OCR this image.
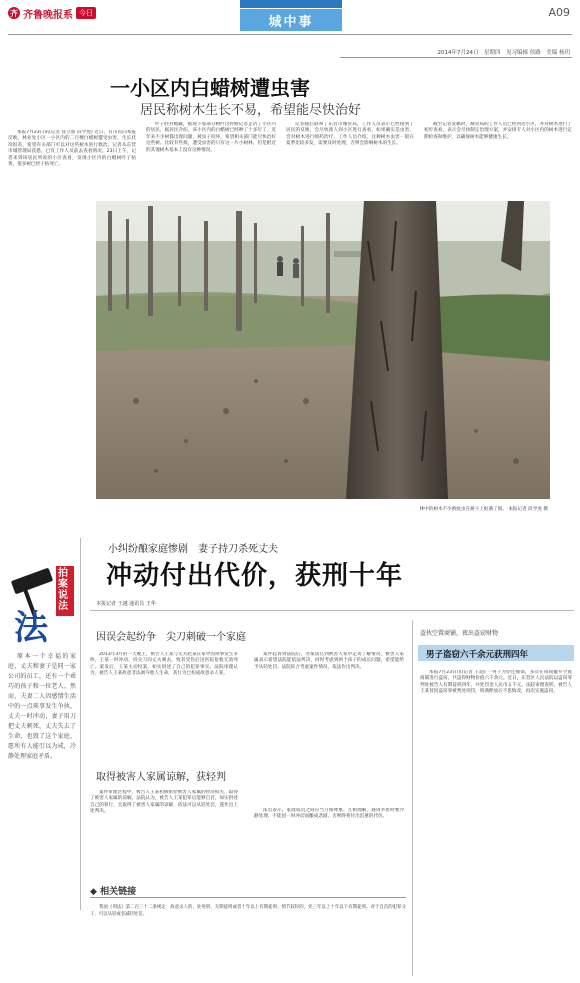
齐 齐鲁晚报系 今日
城中事
A09
2014年7月24日　星期四　见习编辑 侯路　美编 杨玥
一小区内白蜡树遭虫害
居民称树木生长不易，希望能尽快治好

本报7月23日讯(记者 崔立朋 段学虎) 近日，有市民向本报反映，林业处小区一小区内的二百棵白蜡树遭受虫害，生长状况很差，希望有关部门可以对这些树木进行救治。记者从东营市城管理局获悉，已有工作人员前去查看情况。23日上午，记者来到该居民所说的小区查看，发现小区内的白蜡树叶子枯黄，很多树已经干枯死亡。

叶子胚对蜡藏，据现下那部分树叶这时候记者走访了小区内的居民，据居民介绍，该小区内的白蜡树已经种了十多年了，近年来不少树都出现问题，被虫子咬坏，希望相关部门能尽快治好这些树。比较有些烦，遭受虫害的只有这一片小树林，但是附近的其他树木基本上没有这种情况。

记者随后联系了东营市城管局，工作人员表示已经接到了居民的反映，会尽快派人到小区进行查看，如果确实是虫害，会对树木进行喷药治疗。工作人员介绍，这种树木虫害一般在夏季比较多发，需要及时处理，否则会影响树木的生长。

截至记者发稿时，城管局的工作人员已经到达小区，并对树木进行了初步查看，表示会尽快制定治理方案，并安排专人对小区内的树木进行定期检查和维护，以确保树木能够健康生长。

林中的树木不少被蛀虫在树干上蛀满了洞。 本报记者 段学虎 摄
拍案说法
法

原本一个幸福的家庭，丈夫和妻子是同一家公司的员工，还有一个乖巧的孩子和一位老人。然而，夫妻二人因感情生活中的一点琐事发生争执，丈夫一时冲动，妻子用刀把丈夫刺死，丈夫失去了生命，也毁了这个家庭，愿所有人能引以为戒，冷静处理家庭矛盾。

小纠纷酿家庭惨剧　妻子持刀杀死丈夫
冲动付出代价，获刑十年
本报记者 王越 通讯员 王华
因误会起纷争　尖刀刺破一个家庭

2013年3月的一天晚上，被告人王某与丈夫赵某在家中因琐事发生争吵，王某一时冲动，持尖刀向丈夫刺去，致其受伤后送医院抢救无效死亡。案发后，王某主动投案，如实供述了自己的犯罪事实。法院审理认为，被告人王某故意非法剥夺他人生命，其行为已构成故意杀人罪。

案件起诉到法院后，办案法官到被害人家中走访了解情况，被害人家属表示希望法院能依法判决，同时考虑到两个孩子的成长问题，希望能给予从轻处罚。法院综合考虑案件情况，依法作出判决。

取得被害人家属谅解，获轻判

案件审理过程中，被告人王某积极赔偿被害人家属的经济损失，取得了被害人家属的谅解。法院认为，被告人王某犯罪后能够自首，如实供述自己的罪行，且取得了被害人家属的谅解，依法可以从轻处罚，遂作出上述判决。	法官表示，家庭成员之间应当互相尊重、互相理解，遇到矛盾时要冷静处理，不能因一时冲动而酿成悲剧，否则终将付出沉重的代价。

◆ 相关链接

我国《刑法》第二百三十二条规定：故意杀人的，处死刑、无期徒刑或者十年以上有期徒刑；情节较轻的，处三年以上十年以下有期徒刑。对于自首的犯罪分子，可以从轻或者减轻处罚。

盗伙空置商铺，夜出盗窃财物
男子盗窃六千余元获刑四年

本报7月23日讯(记者 王超) 一男子为偿还赌债，多次在夜间撬开空置商铺进行盗窃，共盗得财物价值六千余元。近日，东营区人民法院以盗窃罪判处被告人有期徒刑四年，并处罚金人民币五千元。法院审理查明，被告人王某曾因盗窃罪被判处刑罚，刑满释放后不思悔改，再次实施盗窃。
